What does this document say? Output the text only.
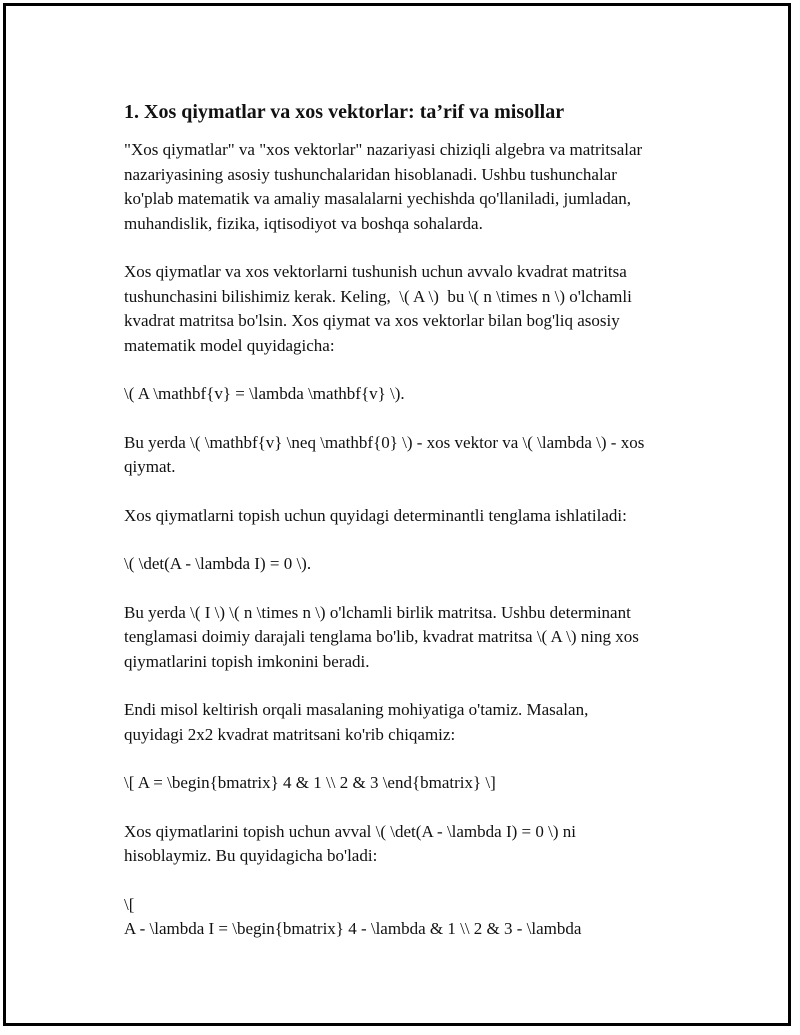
1. Xos qiymatlar va xos vektorlar: ta’rif va misollar

"Xos qiymatlar" va "xos vektorlar" nazariyasi chiziqli algebra va matritsalar
nazariyasining asosiy tushunchalaridan hisoblanadi. Ushbu tushunchalar
ko'plab matematik va amaliy masalalarni yechishda qo'llaniladi, jumladan,
muhandislik, fizika, iqtisodiyot va boshqa sohalarda.

Xos qiymatlar va xos vektorlarni tushunish uchun avvalo kvadrat matritsa
tushunchasini bilishimiz kerak. Keling,  \( A \)  bu \( n \times n \) o'lchamli
kvadrat matritsa bo'lsin. Xos qiymat va xos vektorlar bilan bog'liq asosiy
matematik model quyidagicha:

\( A \mathbf{v} = \lambda \mathbf{v} \).

Bu yerda \( \mathbf{v} \neq \mathbf{0} \) - xos vektor va \( \lambda \) - xos
qiymat.

Xos qiymatlarni topish uchun quyidagi determinantli tenglama ishlatiladi:

\( \det(A - \lambda I) = 0 \).

Bu yerda \( I \) \( n \times n \) o'lchamli birlik matritsa. Ushbu determinant
tenglamasi doimiy darajali tenglama bo'lib, kvadrat matritsa \( A \) ning xos
qiymatlarini topish imkonini beradi.

Endi misol keltirish orqali masalaning mohiyatiga o'tamiz. Masalan,
quyidagi 2x2 kvadrat matritsani ko'rib chiqamiz:

\[ A = \begin{bmatrix} 4 & 1 \\ 2 & 3 \end{bmatrix} \]

Xos qiymatlarini topish uchun avval \( \det(A - \lambda I) = 0 \) ni
hisoblaymiz. Bu quyidagicha bo'ladi:

\[
A - \lambda I = \begin{bmatrix} 4 - \lambda & 1 \\ 2 & 3 - \lambda
